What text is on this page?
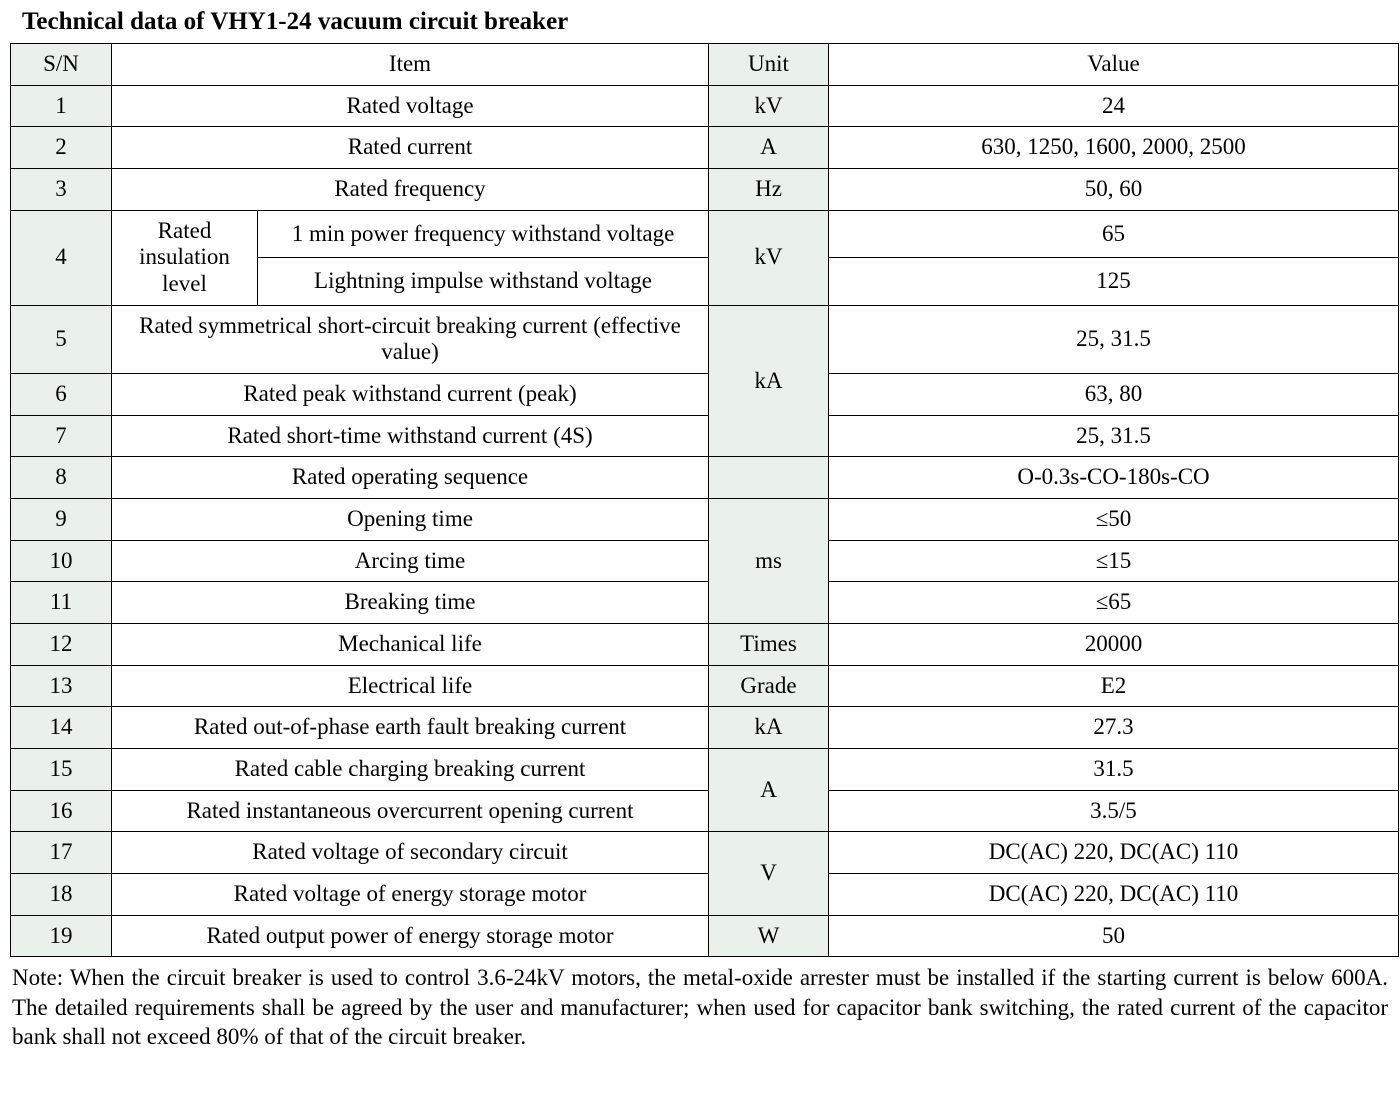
Technical data of VHY1-24 vacuum circuit breaker
S/N	Item		Unit	Value
1	Rated voltage		kV	24
2	Rated current		A	630, 1250, 1600, 2000, 2500
3	Rated frequency		Hz	50, 60
4	Rated insulation level	1 min power frequency withstand voltage	kV	65
		Lightning impulse withstand voltage		125
5	Rated symmetrical short-circuit breaking current (effective value)		kA	25, 31.5
6	Rated peak withstand current (peak)			63, 80
7	Rated short-time withstand current (4S)			25, 31.5
8	Rated operating sequence			O-0.3s-CO-180s-CO
9	Opening time		ms	≤50
10	Arcing time			≤15
11	Breaking time			≤65
12	Mechanical life		Times	20000
13	Electrical life		Grade	E2
14	Rated out-of-phase earth fault breaking current		kA	27.3
15	Rated cable charging breaking current		A	31.5
16	Rated instantaneous overcurrent opening current			3.5/5
17	Rated voltage of secondary circuit		V	DC(AC) 220, DC(AC) 110
18	Rated voltage of energy storage motor			DC(AC) 220, DC(AC) 110
19	Rated output power of energy storage motor		W	50
Note: When the circuit breaker is used to control 3.6-24kV motors, the metal-oxide arrester must be installed if the starting current is below 600A. The detailed requirements shall be agreed by the user and manufacturer; when used for capacitor bank switching, the rated current of the capacitor bank shall not exceed 80% of that of the circuit breaker.
